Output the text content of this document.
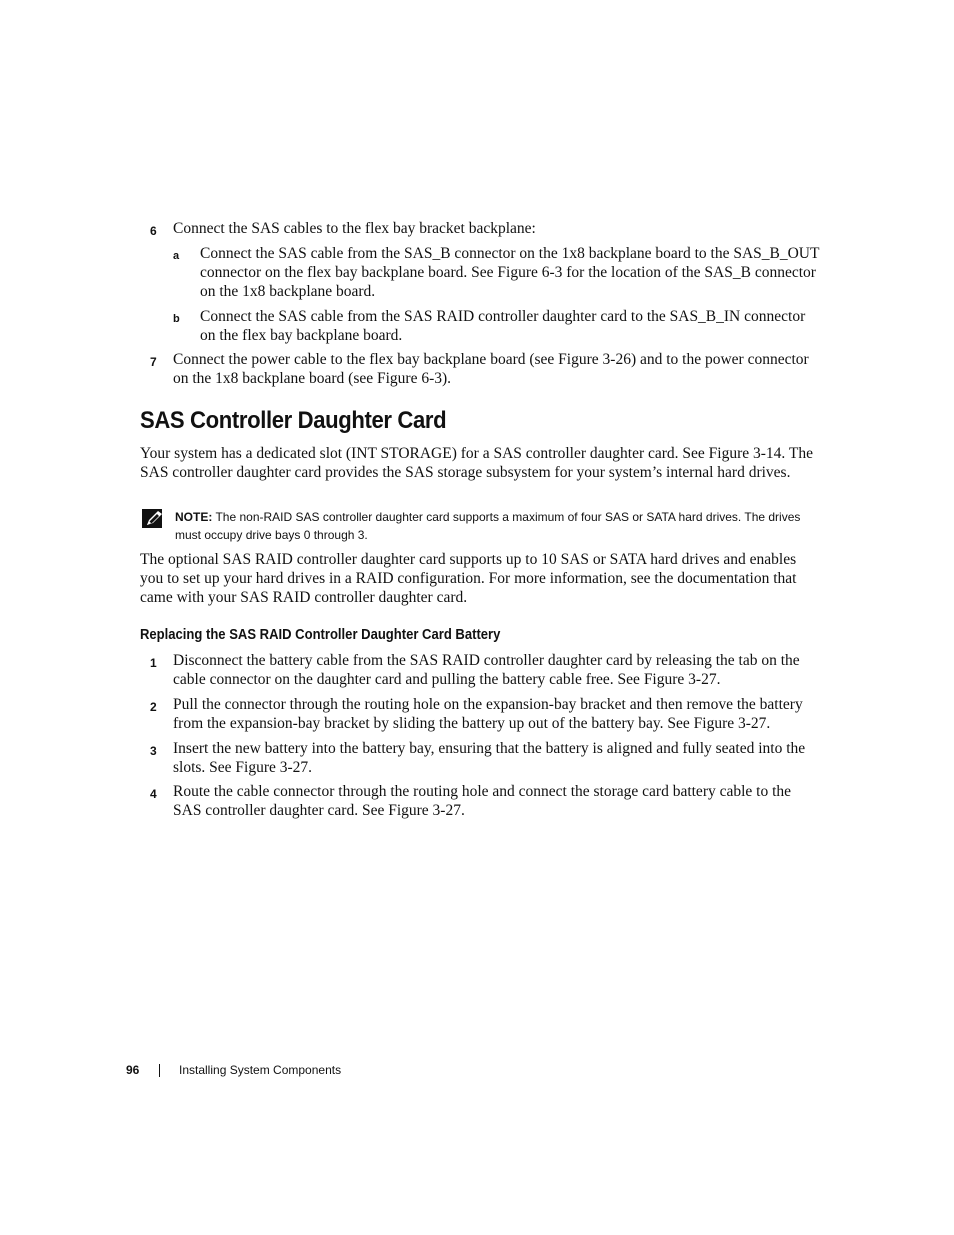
6 Connect the SAS cables to the flex bay bracket backplane:
a Connect the SAS cable from the SAS_B connector on the 1x8 backplane board to the SAS_B_OUT connector on the flex bay backplane board. See Figure 6-3 for the location of the SAS_B connector on the 1x8 backplane board.
b Connect the SAS cable from the SAS RAID controller daughter card to the SAS_B_IN connector on the flex bay backplane board.
7 Connect the power cable to the flex bay backplane board (see Figure 3-26) and to the power connector on the 1x8 backplane board (see Figure 6-3).
SAS Controller Daughter Card
Your system has a dedicated slot (INT STORAGE) for a SAS controller daughter card. See Figure 3-14. The SAS controller daughter card provides the SAS storage subsystem for your system’s internal hard drives.
NOTE: The non-RAID SAS controller daughter card supports a maximum of four SAS or SATA hard drives. The drives must occupy drive bays 0 through 3.
The optional SAS RAID controller daughter card supports up to 10 SAS or SATA hard drives and enables you to set up your hard drives in a RAID configuration. For more information, see the documentation that came with your SAS RAID controller daughter card.
Replacing the SAS RAID Controller Daughter Card Battery
1 Disconnect the battery cable from the SAS RAID controller daughter card by releasing the tab on the cable connector on the daughter card and pulling the battery cable free. See Figure 3-27.
2 Pull the connector through the routing hole on the expansion-bay bracket and then remove the battery from the expansion-bay bracket by sliding the battery up out of the battery bay. See Figure 3-27.
3 Insert the new battery into the battery bay, ensuring that the battery is aligned and fully seated into the slots. See Figure 3-27.
4 Route the cable connector through the routing hole and connect the storage card battery cable to the SAS controller daughter card. See Figure 3-27.
96	Installing System Components
